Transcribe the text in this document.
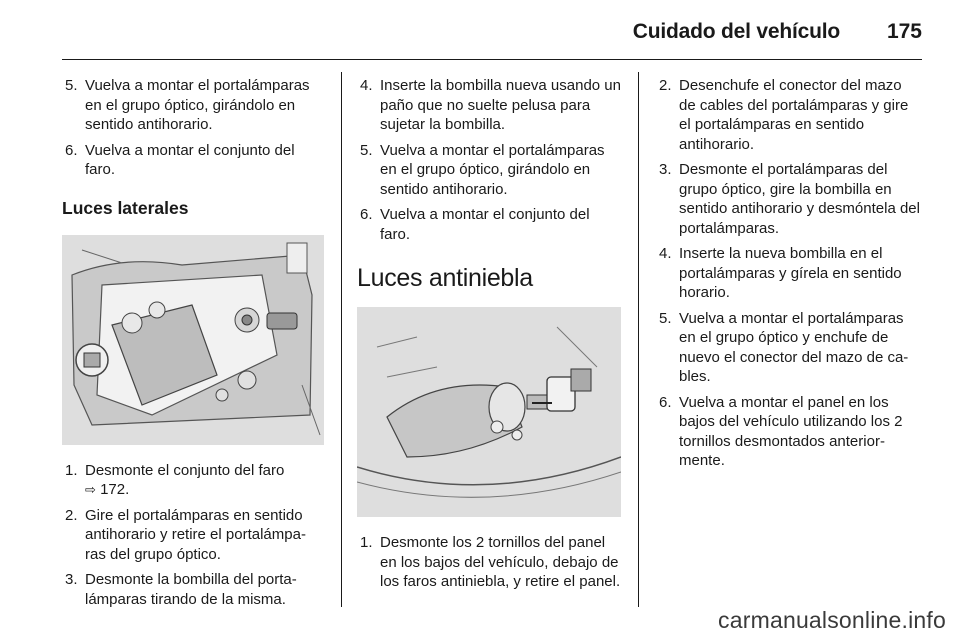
Cuidado del vehículo 175
5. Vuelva a montar el portalámparas en el grupo óptico, girándolo en sentido antihorario.
6. Vuelva a montar el conjunto del faro.
Luces laterales
1. Desmonte el conjunto del faro
⇨ 172.
2. Gire el portalámparas en sentido antihorario y retire el portalámpa-ras del grupo óptico.
3. Desmonte la bombilla del porta-lámparas tirando de la misma.
4. Inserte la bombilla nueva usando un paño que no suelte pelusa para sujetar la bombilla.
5. Vuelva a montar el portalámparas en el grupo óptico, girándolo en sentido antihorario.
6. Vuelva a montar el conjunto del faro.
Luces antiniebla
1. Desmonte los 2 tornillos del panel en los bajos del vehículo, debajo de los faros antiniebla, y retire el panel.
2. Desenchufe el conector del mazo de cables del portalámparas y gire el portalámparas en sentido antihorario.
3. Desmonte el portalámparas del grupo óptico, gire la bombilla en sentido antihorario y desmóntela del portalámparas.
4. Inserte la nueva bombilla en el portalámparas y gírela en sentido horario.
5. Vuelva a montar el portalámparas en el grupo óptico y enchufe de nuevo el conector del mazo de ca-bles.
6. Vuelva a montar el panel en los bajos del vehículo utilizando los 2 tornillos desmontados anterior-mente.
carmanualsonline.info
